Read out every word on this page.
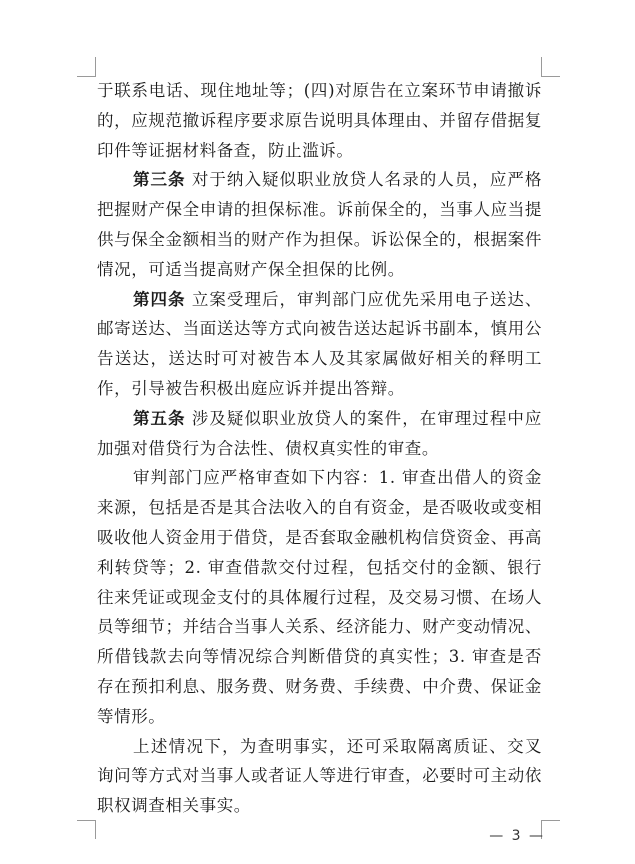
于联系电话、现住地址等；(四)对原告在立案环节申请撤诉的，应规范撤诉程序要求原告说明具体理由、并留存借据复印件等证据材料备查，防止滥诉。

第三条 对于纳入疑似职业放贷人名录的人员，应严格把握财产保全申请的担保标准。诉前保全的，当事人应当提供与保全金额相当的财产作为担保。诉讼保全的，根据案件情况，可适当提高财产保全担保的比例。

第四条 立案受理后，审判部门应优先采用电子送达、邮寄送达、当面送达等方式向被告送达起诉书副本，慎用公告送达，送达时可对被告本人及其家属做好相关的释明工作，引导被告积极出庭应诉并提出答辩。

第五条 涉及疑似职业放贷人的案件，在审理过程中应加强对借贷行为合法性、债权真实性的审查。

审判部门应严格审查如下内容：1. 审查出借人的资金来源，包括是否是其合法收入的自有资金，是否吸收或变相吸收他人资金用于借贷，是否套取金融机构信贷资金、再高利转贷等；2. 审查借款交付过程，包括交付的金额、银行往来凭证或现金支付的具体履行过程，及交易习惯、在场人员等细节；并结合当事人关系、经济能力、财产变动情况、所借钱款去向等情况综合判断借贷的真实性；3. 审查是否存在预扣利息、服务费、财务费、手续费、中介费、保证金等情形。

上述情况下，为查明事实，还可采取隔离质证、交叉询问等方式对当事人或者证人等进行审查，必要时可主动依职权调查相关事实。

— 3 —
